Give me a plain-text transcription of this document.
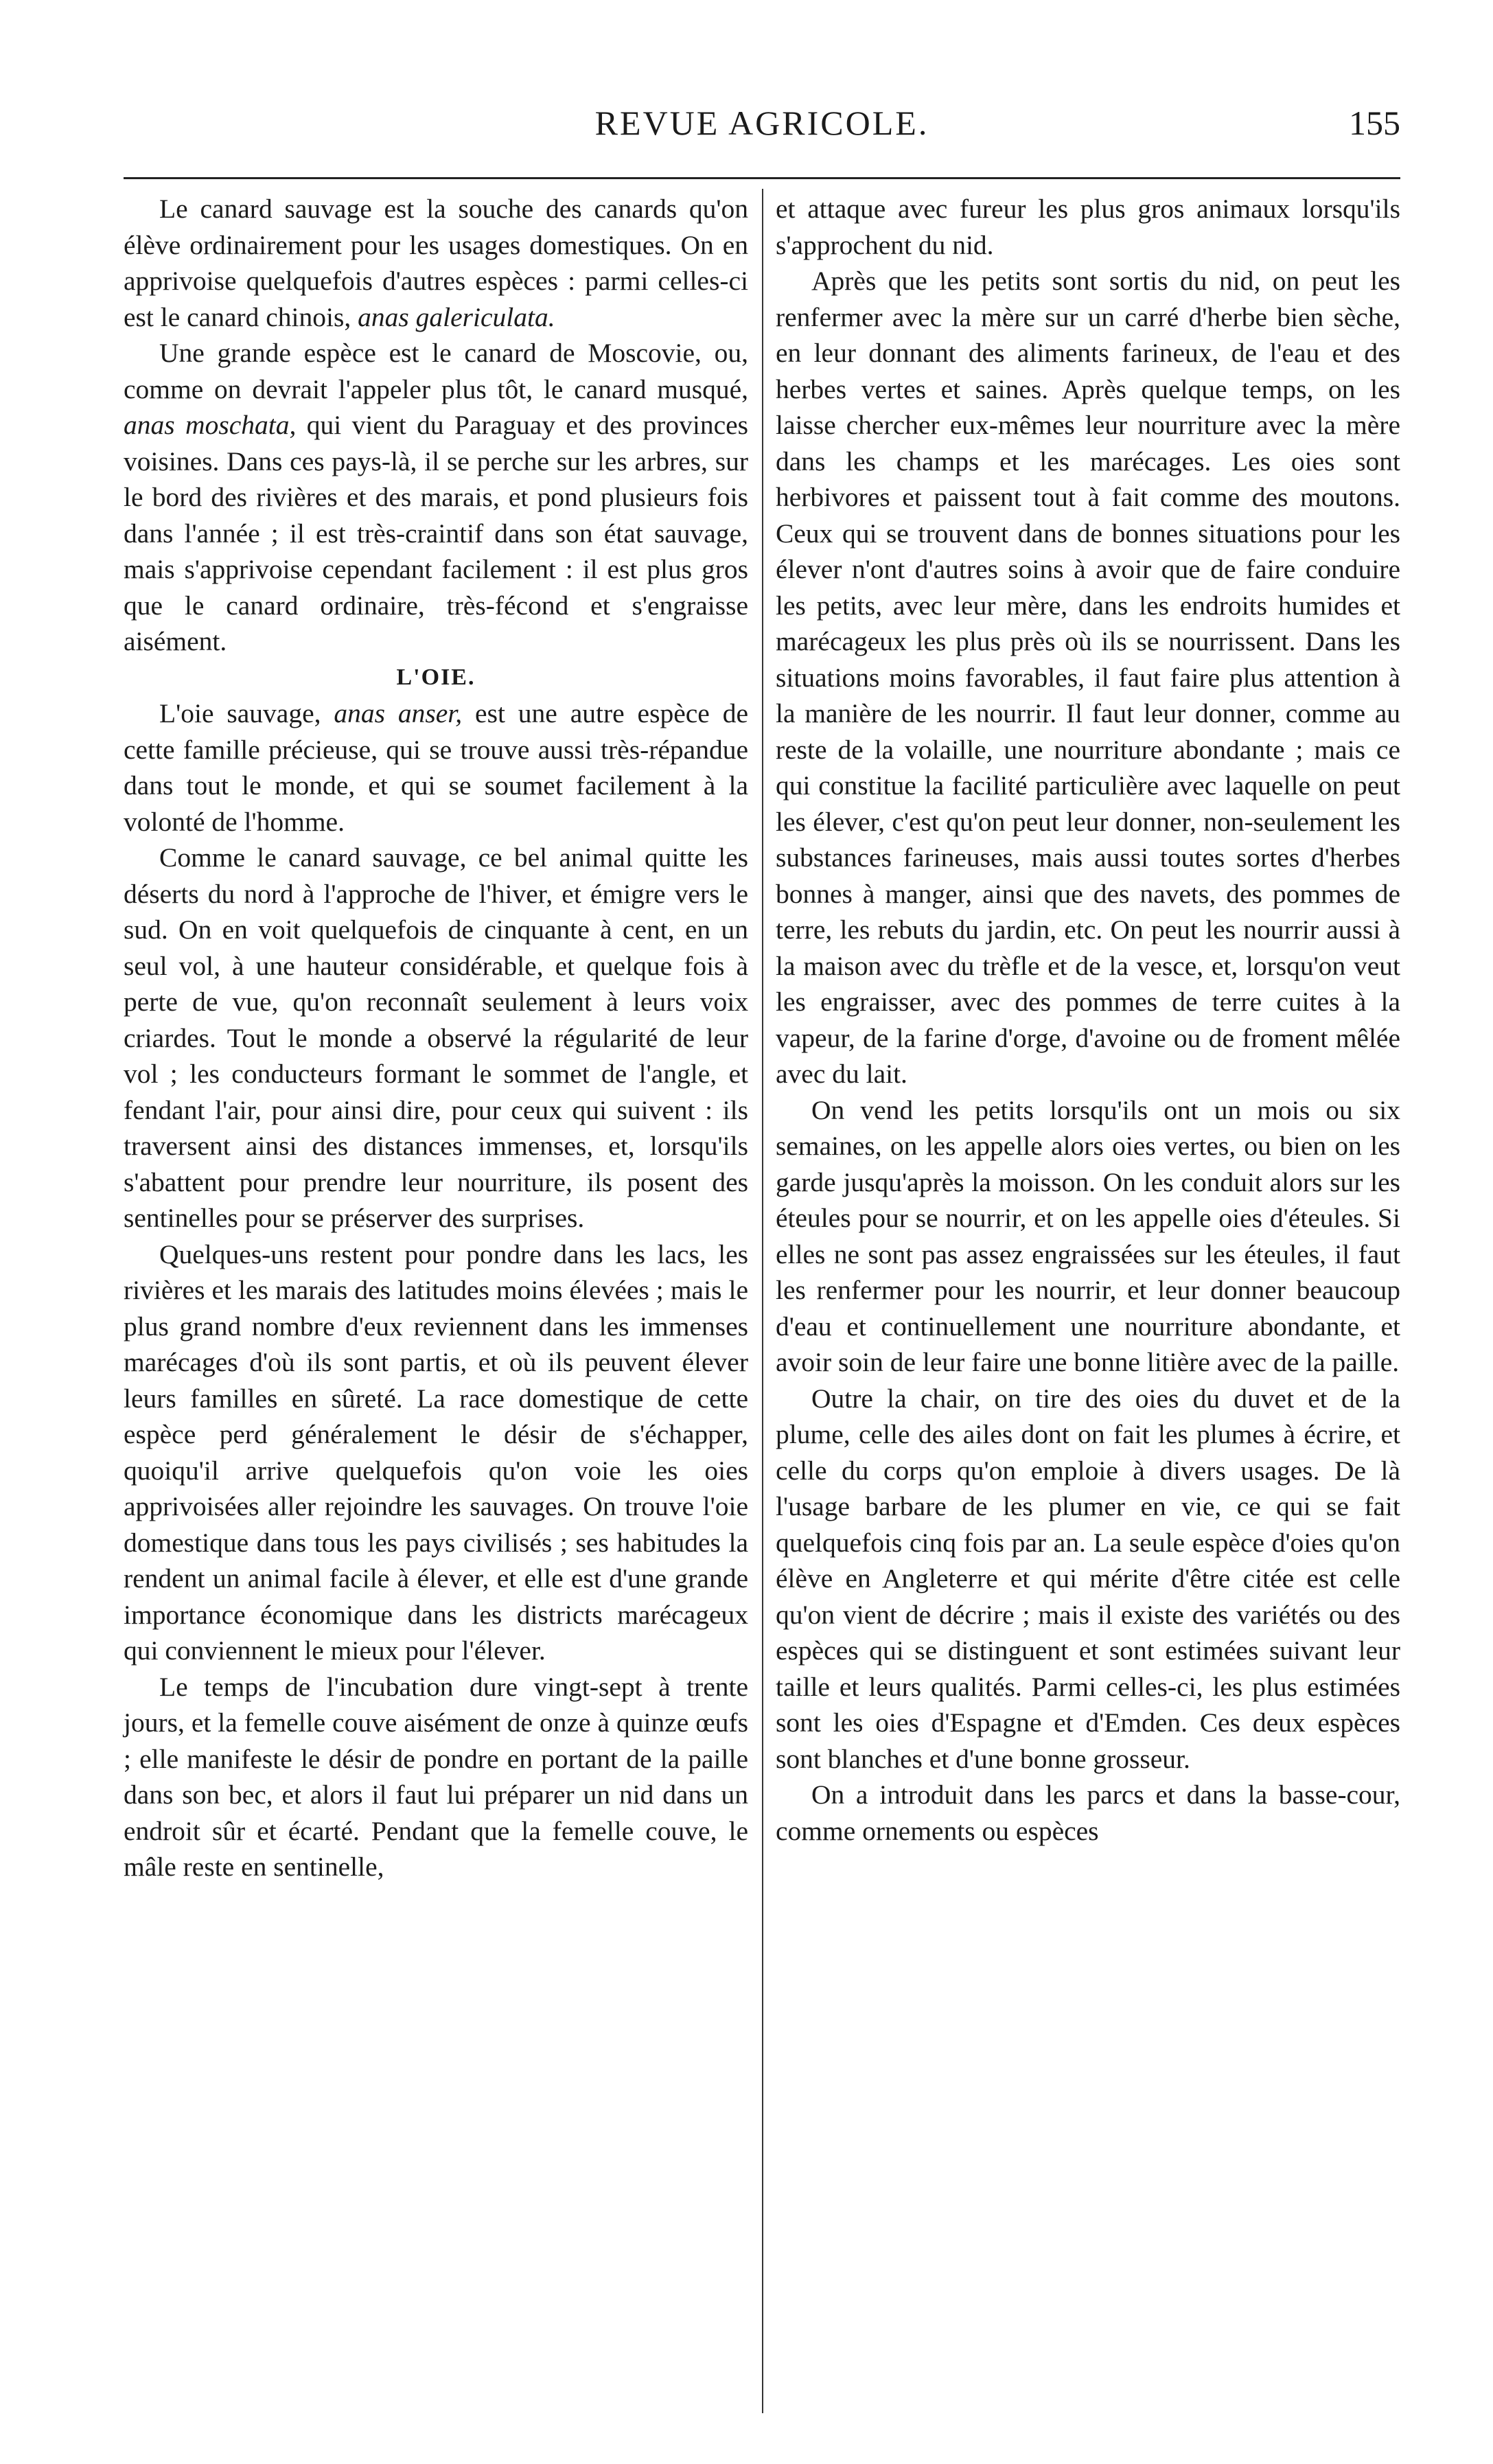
REVUE AGRICOLE.	155

Le canard sauvage est la souche des canards qu'on élève ordinairement pour les usages domestiques. On en apprivoise quelquefois d'autres espèces : parmi celles-ci est le canard chinois, anas galericulata.

Une grande espèce est le canard de Moscovie, ou, comme on devrait l'appeler plus tôt, le canard musqué, anas moschata, qui vient du Paraguay et des provinces voisines. Dans ces pays-là, il se perche sur les arbres, sur le bord des rivières et des marais, et pond plusieurs fois dans l'année ; il est très-craintif dans son état sauvage, mais s'apprivoise cependant facilement : il est plus gros que le canard ordinaire, très-fécond et s'engraisse aisément.

L'OIE.

L'oie sauvage, anas anser, est une autre espèce de cette famille précieuse, qui se trouve aussi très-répandue dans tout le monde, et qui se soumet facilement à la volonté de l'homme.

Comme le canard sauvage, ce bel animal quitte les déserts du nord à l'approche de l'hiver, et émigre vers le sud. On en voit quelquefois de cinquante à cent, en un seul vol, à une hauteur considérable, et quelque fois à perte de vue, qu'on reconnaît seulement à leurs voix criardes. Tout le monde a observé la régularité de leur vol ; les conducteurs formant le sommet de l'angle, et fendant l'air, pour ainsi dire, pour ceux qui suivent : ils traversent ainsi des distances immenses, et, lorsqu'ils s'abattent pour prendre leur nourriture, ils posent des sentinelles pour se préserver des surprises.

Quelques-uns restent pour pondre dans les lacs, les rivières et les marais des latitudes moins élevées ; mais le plus grand nombre d'eux reviennent dans les immenses marécages d'où ils sont partis, et où ils peuvent élever leurs familles en sûreté. La race domestique de cette espèce perd généralement le désir de s'échapper, quoiqu'il arrive quelquefois qu'on voie les oies apprivoisées aller rejoindre les sauvages. On trouve l'oie domestique dans tous les pays civilisés ; ses habitudes la rendent un animal facile à élever, et elle est d'une grande importance économique dans les districts marécageux qui conviennent le mieux pour l'élever.

Le temps de l'incubation dure vingt-sept à trente jours, et la femelle couve aisément de onze à quinze œufs ; elle manifeste le désir de pondre en portant de la paille dans son bec, et alors il faut lui préparer un nid dans un endroit sûr et écarté. Pendant que la femelle couve, le mâle reste en sentinelle,

et attaque avec fureur les plus gros animaux lorsqu'ils s'approchent du nid.

Après que les petits sont sortis du nid, on peut les renfermer avec la mère sur un carré d'herbe bien sèche, en leur donnant des aliments farineux, de l'eau et des herbes vertes et saines. Après quelque temps, on les laisse chercher eux-mêmes leur nourriture avec la mère dans les champs et les marécages. Les oies sont herbivores et paissent tout à fait comme des moutons. Ceux qui se trouvent dans de bonnes situations pour les élever n'ont d'autres soins à avoir que de faire conduire les petits, avec leur mère, dans les endroits humides et marécageux les plus près où ils se nourrissent. Dans les situations moins favorables, il faut faire plus attention à la manière de les nourrir. Il faut leur donner, comme au reste de la volaille, une nourriture abondante ; mais ce qui constitue la facilité particulière avec laquelle on peut les élever, c'est qu'on peut leur donner, non-seulement les substances farineuses, mais aussi toutes sortes d'herbes bonnes à manger, ainsi que des navets, des pommes de terre, les rebuts du jardin, etc. On peut les nourrir aussi à la maison avec du trèfle et de la vesce, et, lorsqu'on veut les engraisser, avec des pommes de terre cuites à la vapeur, de la farine d'orge, d'avoine ou de froment mêlée avec du lait.

On vend les petits lorsqu'ils ont un mois ou six semaines, on les appelle alors oies vertes, ou bien on les garde jusqu'après la moisson. On les conduit alors sur les éteules pour se nourrir, et on les appelle oies d'éteules. Si elles ne sont pas assez engraissées sur les éteules, il faut les renfermer pour les nourrir, et leur donner beaucoup d'eau et continuellement une nourriture abondante, et avoir soin de leur faire une bonne litière avec de la paille.

Outre la chair, on tire des oies du duvet et de la plume, celle des ailes dont on fait les plumes à écrire, et celle du corps qu'on emploie à divers usages. De là l'usage barbare de les plumer en vie, ce qui se fait quelquefois cinq fois par an. La seule espèce d'oies qu'on élève en Angleterre et qui mérite d'être citée est celle qu'on vient de décrire ; mais il existe des variétés ou des espèces qui se distinguent et sont estimées suivant leur taille et leurs qualités. Parmi celles-ci, les plus estimées sont les oies d'Espagne et d'Emden. Ces deux espèces sont blanches et d'une bonne grosseur.

On a introduit dans les parcs et dans la basse-cour, comme ornements ou espèces
